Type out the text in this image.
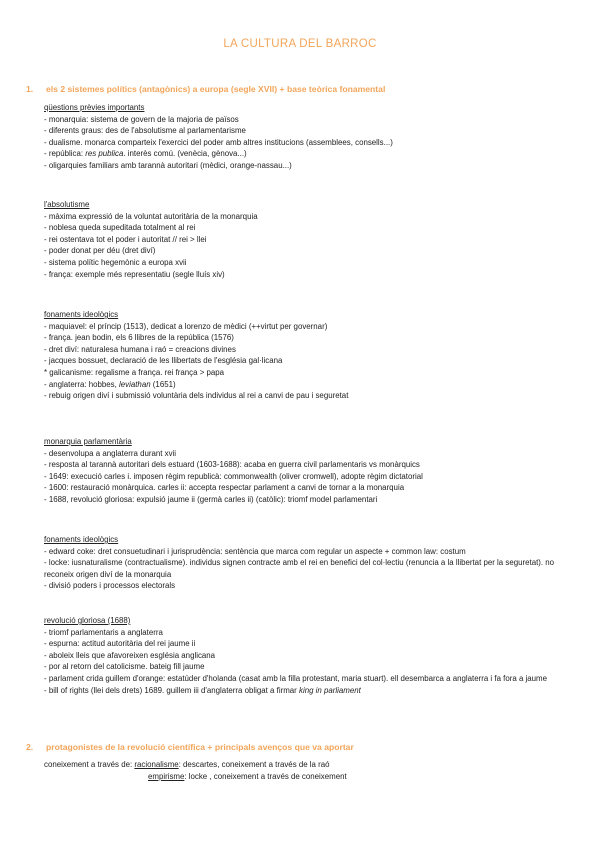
LA CULTURA DEL BARROC
1. els 2 sistemes polítics (antagònics) a europa (segle XVII) + base teòrica fonamental
qüestions prèvies importants
- monarquia: sistema de govern de la majoria de països
- diferents graus: des de l'absolutisme al parlamentarisme
- dualisme. monarca comparteix l'exercici del poder amb altres institucions (assemblees, consells...)
- república: res publica. interès comú. (venècia, gènova...)
- oligarquies familiars amb tarannà autoritari (mèdici, orange-nassau...)
l'absolutisme
- màxima expressió de la voluntat autoritària de la monarquia
- noblesa queda supeditada totalment al rei
- rei ostentava tot el poder i autoritat // rei > llei
- poder donat per déu (dret diví)
- sistema polític hegemònic a europa xvii
- frança: exemple més representatiu (segle lluís xiv)
fonaments ideològics
- maquiavel: el príncip (1513), dedicat a lorenzo de mèdici (++virtut per governar)
- frança. jean bodin, els 6 llibres de la república (1576)
- dret diví: naturalesa humana i raó = creacions divines
- jacques bossuet, declaració de les llibertats de l'església gal·licana
* galicanisme: regalisme a frança. rei frança > papa
- anglaterra: hobbes, leviathan (1651)
- rebuig origen diví i submissió voluntària dels individus al rei a canvi de pau i seguretat
monarquia parlamentària
- desenvolupa a anglaterra durant xvii
- resposta al tarannà autoritari dels estuard (1603-1688): acaba en guerra civil parlamentaris vs monàrquics
- 1649: execució carles i. imposen règim republicà: commonwealth (oliver cromwell), adopte règim dictatorial
- 1600: restauració monàrquica. carles ii: accepta respectar parlament a canvi de tornar a la monarquia
- 1688, revolució gloriosa: expulsió jaume ii (germà carles ii) (catòlic): triomf model parlamentari
fonaments ideològics
- edward coke: dret consuetudinari i jurisprudència: sentència que marca com regular un aspecte + common law: costum
- locke: iusnaturalisme (contractualisme). individus signen contracte amb el rei en benefici del col·lectiu (renuncia a la llibertat per la seguretat). no reconeix origen diví de la monarquia
- divisió poders i processos electorals
revolució gloriosa (1688)
- triomf parlamentaris a anglaterra
- espurna: actitud autoritària del rei jaume ii
- aboleix lleis que afavoreixen església anglicana
- por al retorn del catolicisme. bateig fill jaume
- parlament crida guillem d'orange: estatúder d'holanda (casat amb la filla protestant, maria stuart). ell desembarca a anglaterra i fa fora a jaume
- bill of rights (llei dels drets) 1689. guillem iii d'anglaterra obligat a firmar king in parliament
2. protagonistes de la revolució científica + principals avenços que va aportar
coneixement a través de: racionalisme: descartes, coneixement a través de la raó
empirisme: locke , coneixement a través de coneixement
